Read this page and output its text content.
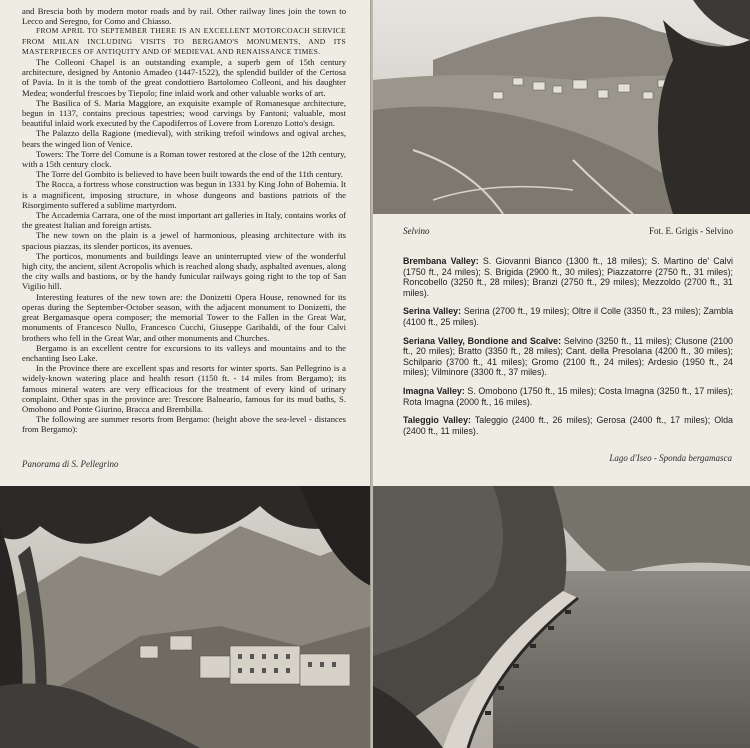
and Brescia both by modern motor roads and by rail. Other railway lines join the town to Lecco and Seregno, for Como and Chiasso.

FROM APRIL TO SEPTEMBER THERE IS AN EXCELLENT MOTORCOACH SERVICE FROM MILAN INCLUDING VISITS TO BERGAMO'S MONUMENTS, AND ITS MASTERPIECES OF ANTIQUITY AND OF MEDIEVAL AND RENAISSANCE TIMES.

The Colleoni Chapel is an outstanding example, a superb gem of 15th century architecture, designed by Antonio Amadeo (1447-1522), the splendid builder of the Certosa of Pavia. In it is the tomb of the great condottiero Bartolomeo Colleoni, and his daughter Medea; wonderful frescoes by Tiepolo; fine inlaid work and other valuable works of art.

The Basilica of S. Maria Maggiore, an exquisite example of Romanesque architecture, begun in 1137, contains precious tapestries; wood carvings by Fantoni; valuable, most beautiful inlaid work executed by the Capodiferros of Lovere from Lorenzo Lotto's design.

The Palazzo della Ragione (medieval), with striking trefoil windows and ogival arches, bears the winged lion of Venice.

Towers: The Torre del Comune is a Roman tower restored at the close of the 12th century, with a 15th century clock.

The Torre del Gombito is believed to have been built towards the end of the 11th century.

The Rocca, a fortress whose construction was begun in 1331 by King John of Bohemia. It is a magnificent, imposing structure, in whose dungeons and bastions patriots of the Risorgimento suffered a sublime martyrdom.

The Accademia Carrara, one of the most important art galleries in Italy, contains works of the greatest Italian and foreign artists.

The new town on the plain is a jewel of harmonious, pleasing architecture with its spacious piazzas, its slender porticos, its avenues.

The porticos, monuments and buildings leave an uninterrupted view of the wonderful high city, the ancient, silent Acropolis which is reached along shady, asphalted avenues, along the city walls and bastions, or by the handy funicular railways going right to the top of San Vigilio hill.

Interesting features of the new town are: the Donizetti Opera House, renowned for its operas during the September-October season, with the adjacent monument to Donizetti, the great Bergamasque opera composer; the memorial Tower to the Fallen in the Great War, monuments of Francesco Nullo, Francesco Cucchi, Giuseppe Garibaldi, of the four Calvi brothers who fell in the Great War, and other monuments and Churches.

Bergamo is an excellent centre for excursions to its valleys and mountains and to the enchanting Iseo Lake.

In the Province there are excellent spas and resorts for winter sports. San Pellegrino is a widely-known watering place and health resort (1150 ft. - 14 miles from Bergamo); its famous mineral waters are very efficacious for the treatment of every kind of urinary complaint. Other spas in the province are: Trescore Balneario, famous for its mud baths, S. Omobono and Ponte Giurino, Bracca and Brembilla.

The following are summer resorts from Bergamo: (height above the sea-level - distances from Bergamo):

Panorama di S. Pellegrino
Selvino	Fot. E. Grigis - Selvino
Brembana Valley: S. Giovanni Bianco (1300 ft., 18 miles); S. Martino de' Calvi (1750 ft., 24 miles); S. Brigida (2900 ft., 30 miles); Piazzatorre (2750 ft., 31 miles); Roncobello (3250 ft., 28 miles); Branzi (2750 ft., 29 miles); Mezzoldo (2700 ft., 31 miles).
Serina Valley: Serina (2700 ft., 19 miles); Oltre il Colle (3350 ft., 23 miles); Zambla (4100 ft., 25 miles).
Seriana Valley, Bondione and Scalve: Selvino (3250 ft., 11 miles); Clusone (2100 ft., 20 miles); Bratto (3350 ft., 28 miles); Cant. della Presolana (4200 ft., 30 miles); Schilpario (3700 ft., 41 miles); Gromo (2100 ft., 24 miles); Ardesio (1950 ft., 24 miles); Vilminore (3300 ft., 37 miles).
Imagna Valley: S. Omobono (1750 ft., 15 miles); Costa Imagna (3250 ft., 17 miles); Rota Imagna (2000 ft., 16 miles).
Taleggio Valley: Taleggio (2400 ft., 26 miles); Gerosa (2400 ft., 17 miles); Olda (2400 ft., 11 miles).
Lago d'Iseo - Sponda bergamasca
